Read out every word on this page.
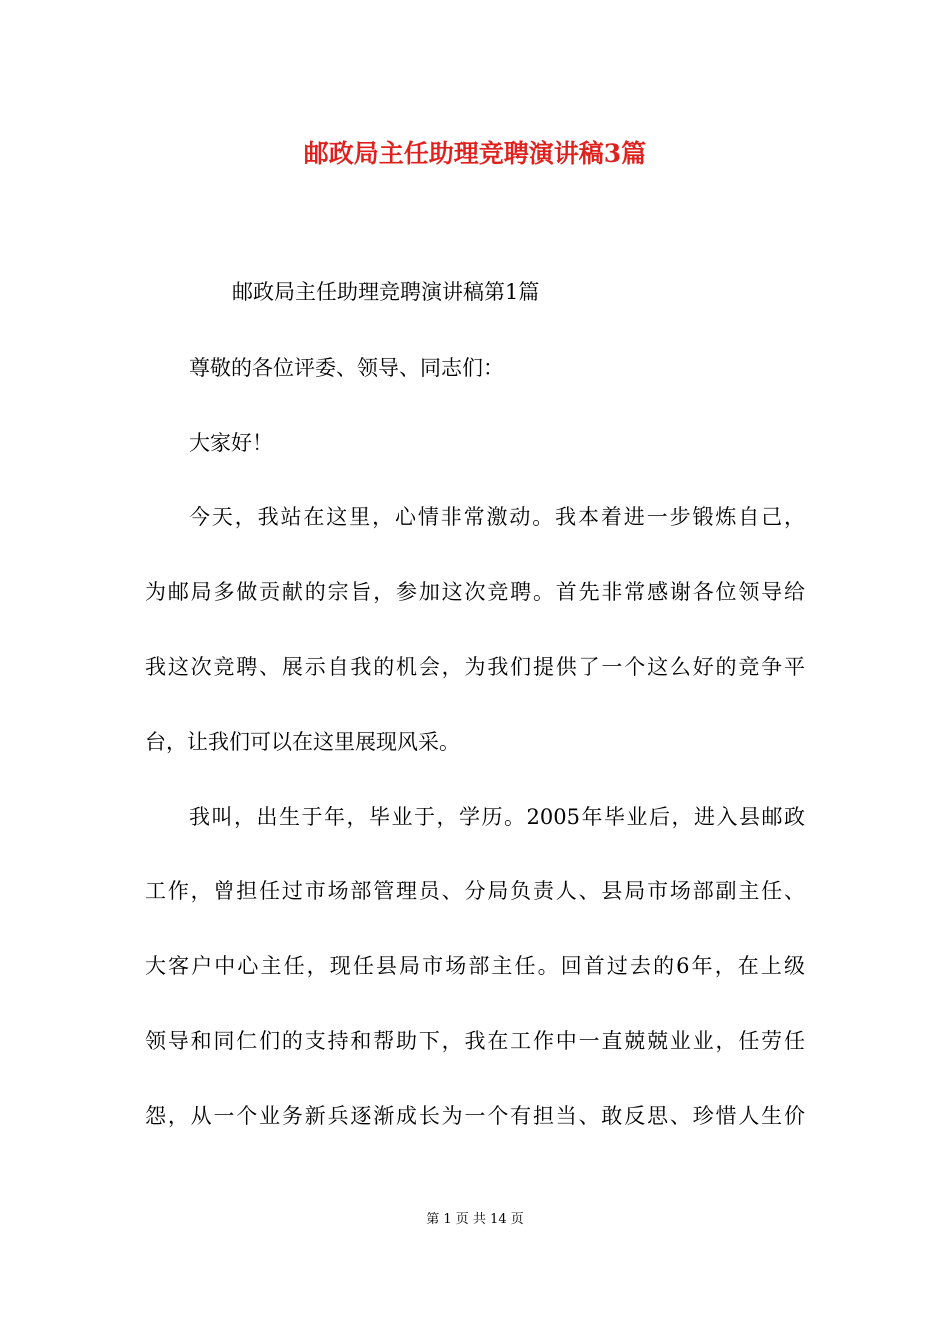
邮政局主任助理竞聘演讲稿3篇
邮政局主任助理竞聘演讲稿第1篇
尊敬的各位评委、领导、同志们：
大家好！
今天，我站在这里，心情非常激动。我本着进一步锻炼自己，
为邮局多做贡献的宗旨，参加这次竞聘。首先非常感谢各位领导给
我这次竞聘、展示自我的机会，为我们提供了一个这么好的竞争平
台，让我们可以在这里展现风采。
我叫，出生于年，毕业于，学历。2005年毕业后，进入县邮政
工作，曾担任过市场部管理员、分局负责人、县局市场部副主任、
大客户中心主任，现任县局市场部主任。回首过去的6年，在上级
领导和同仁们的支持和帮助下，我在工作中一直兢兢业业，任劳任
怨，从一个业务新兵逐渐成长为一个有担当、敢反思、珍惜人生价
第 1 页 共 14 页
